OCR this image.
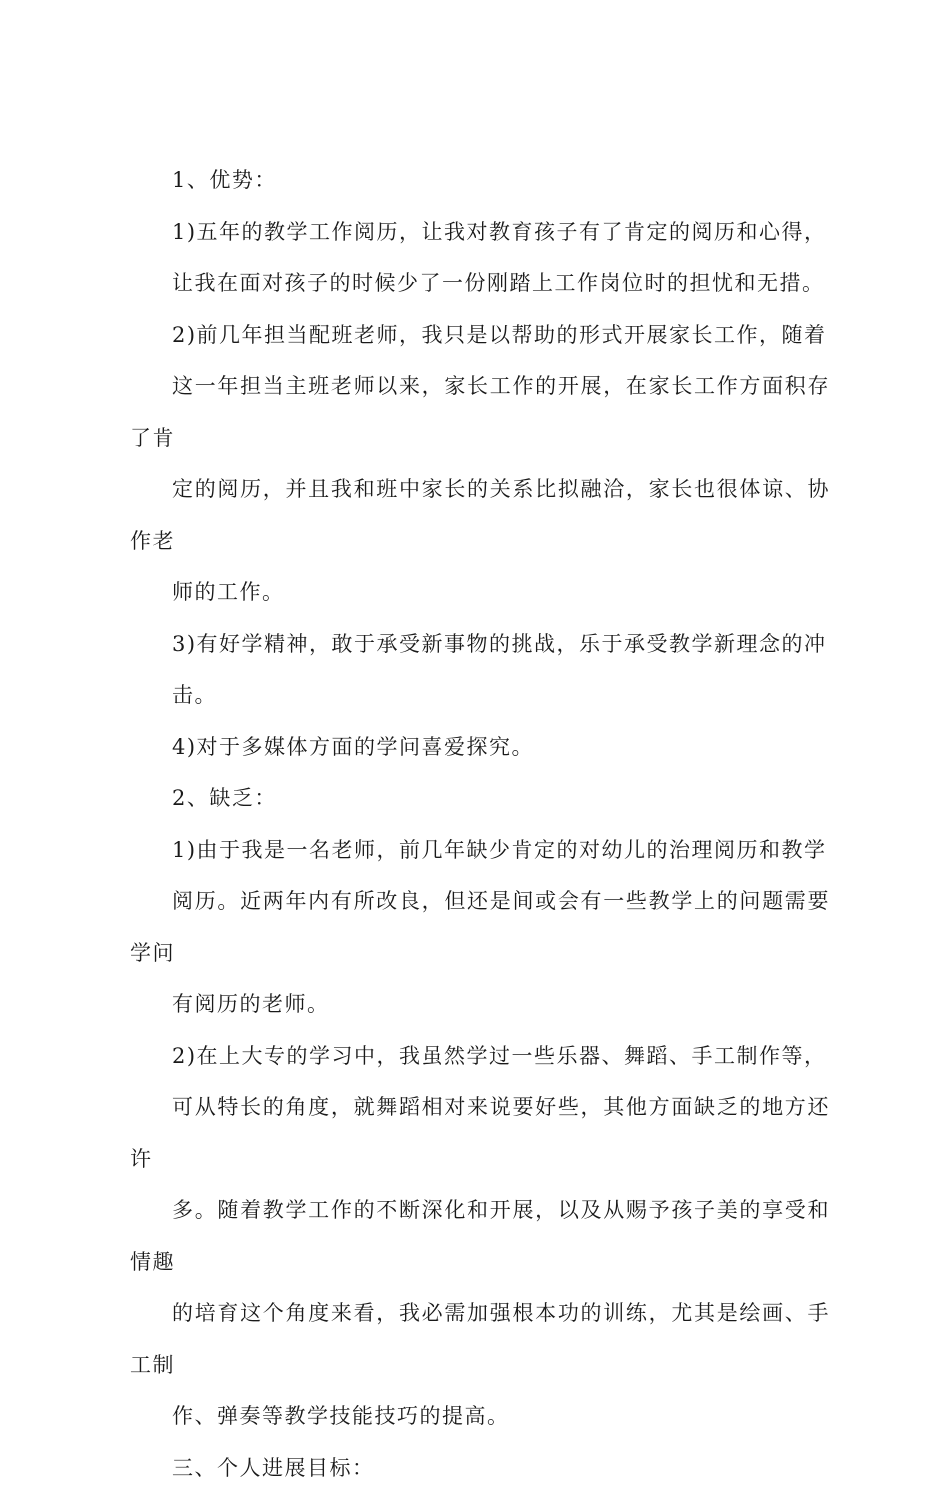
1、优势：

1)五年的教学工作阅历，让我对教育孩子有了肯定的阅历和心得，
让我在面对孩子的时候少了一份刚踏上工作岗位时的担忧和无措。

2)前几年担当配班老师，我只是以帮助的形式开展家长工作，随着
这一年担当主班老师以来，家长工作的开展，在家长工作方面积存了肯
定的阅历，并且我和班中家长的关系比拟融洽，家长也很体谅、协作老
师的工作。

3)有好学精神，敢于承受新事物的挑战，乐于承受教学新理念的冲
击。

4)对于多媒体方面的学问喜爱探究。

2、缺乏：

1)由于我是一名老师，前几年缺少肯定的对幼儿的治理阅历和教学
阅历。近两年内有所改良，但还是间或会有一些教学上的问题需要学问
有阅历的老师。

2)在上大专的学习中，我虽然学过一些乐器、舞蹈、手工制作等，
可从特长的角度，就舞蹈相对来说要好些，其他方面缺乏的地方还许
多。随着教学工作的不断深化和开展，以及从赐予孩子美的享受和情趣
的培育这个角度来看，我必需加强根本功的训练，尤其是绘画、手工制
作、弹奏等教学技能技巧的提高。

三、个人进展目标：
